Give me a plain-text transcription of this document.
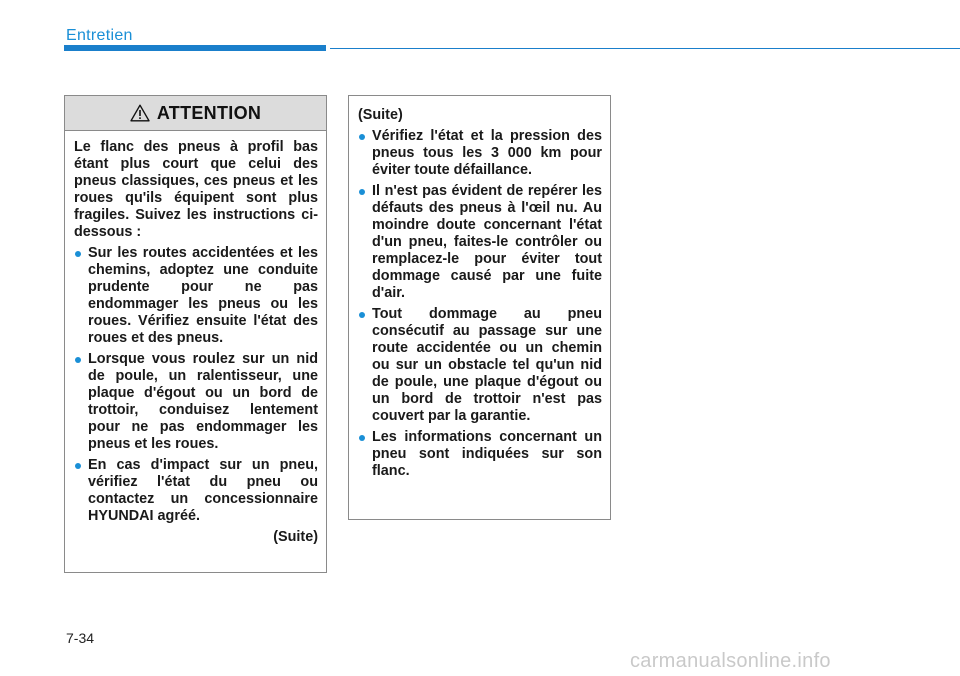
Entretien
ATTENTION

Le flanc des pneus à profil bas étant plus court que celui des pneus classiques, ces pneus et les roues qu'ils équipent sont plus fragiles. Suivez les instructions ci-dessous :

Sur les routes accidentées et les chemins, adoptez une conduite prudente pour ne pas endommager les pneus ou les roues. Vérifiez ensuite l'état des roues et des pneus.
Lorsque vous roulez sur un nid de poule, un ralentisseur, une plaque d'égout ou un bord de trottoir, conduisez lentement pour ne pas endommager les pneus et les roues.
En cas d'impact sur un pneu, vérifiez l'état du pneu ou contactez un concessionnaire HYUNDAI agréé.

(Suite)

(Suite)

Vérifiez l'état et la pression des pneus tous les 3 000 km pour éviter toute défaillance.
Il n'est pas évident de repérer les défauts des pneus à l'œil nu. Au moindre doute concernant l'état d'un pneu, faites-le contrôler ou remplacez-le pour éviter tout dommage causé par une fuite d'air.
Tout dommage au pneu consécutif au passage sur une route accidentée ou un chemin ou sur un obstacle tel qu'un nid de poule, une plaque d'égout ou un bord de trottoir n'est pas couvert par la garantie.
Les informations concernant un pneu sont indiquées sur son flanc.
7-34
carmanualsonline.info
